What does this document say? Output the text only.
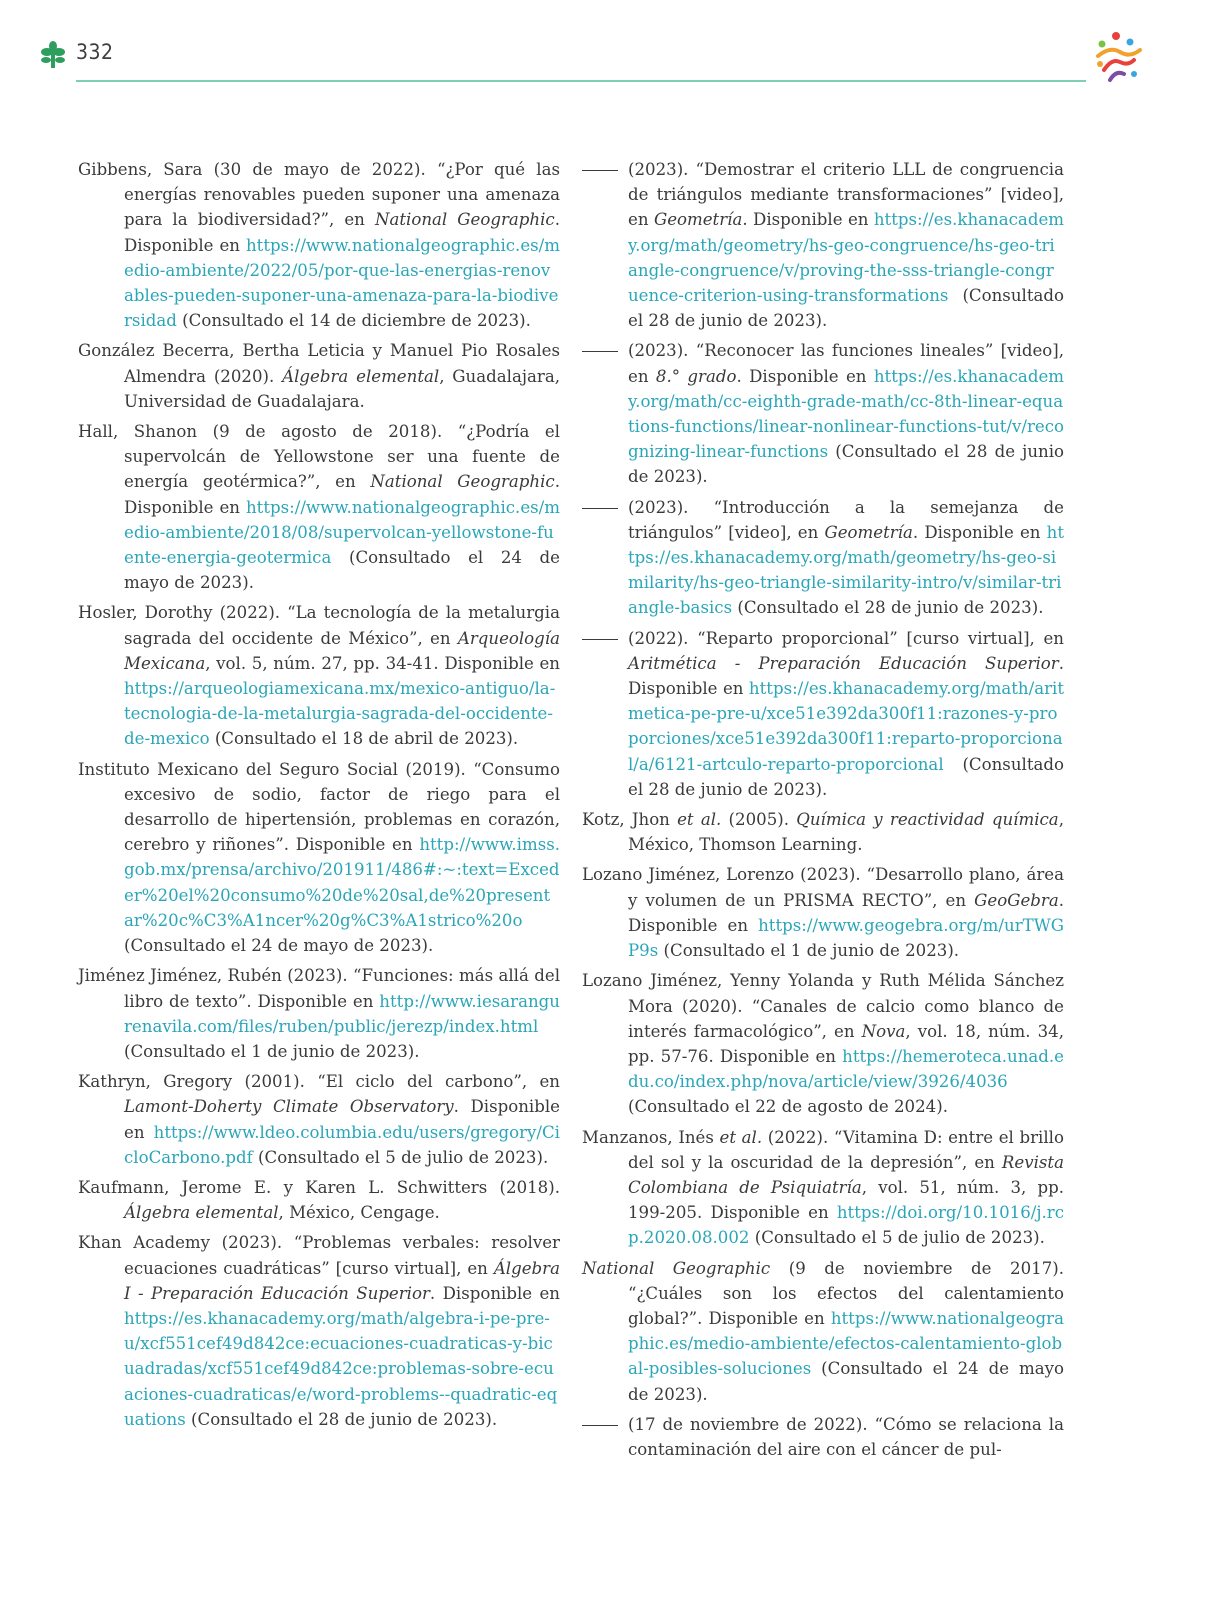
332

Gibbens, Sara (30 de mayo de 2022). “¿Por qué las energías renovables pueden suponer una amenaza para la biodiversidad?”, en National Geographic. Disponible en https://www.nationalgeographic.es/medio-ambiente/2022/05/por-que-las-energias-renovables-pueden-suponer-una-amenaza-para-la-biodiversidad (Consultado el 14 de diciembre de 2023).

González Becerra, Bertha Leticia y Manuel Pio Rosales Almendra (2020). Álgebra elemental, Guadalajara, Universidad de Guadalajara.

Hall, Shanon (9 de agosto de 2018). “¿Podría el supervolcán de Yellowstone ser una fuente de energía geotérmica?”, en National Geographic. Disponible en https://www.nationalgeographic.es/medio-ambiente/2018/08/supervolcan-yellowstone-fuente-energia-geotermica (Consultado el 24 de mayo de 2023).

Hosler, Dorothy (2022). “La tecnología de la metalurgia sagrada del occidente de México”, en Arqueología Mexicana, vol. 5, núm. 27, pp. 34-41. Disponible en https://arqueologiamexicana.mx/mexico-antiguo/la-tecnologia-de-la-metalurgia-sagrada-del-occidente-de-mexico (Consultado el 18 de abril de 2023).

Instituto Mexicano del Seguro Social (2019). “Consumo excesivo de sodio, factor de riego para el desarrollo de hipertensión, problemas en corazón, cerebro y riñones”. Disponible en http://www.imss.gob.mx/prensa/archivo/201911/486#:~:text=Exceder%20el%20consumo%20de%20sal,de%20presentar%20c%C3%A1ncer%20g%C3%A1strico%20o (Consultado el 24 de mayo de 2023).

Jiménez Jiménez, Rubén (2023). “Funciones: más allá del libro de texto”. Disponible en http://www.iesarangurenavila.com/files/ruben/public/jerezp/index.html (Consultado el 1 de junio de 2023).

Kathryn, Gregory (2001). “El ciclo del carbono”, en Lamont-Doherty Climate Observatory. Disponible en https://www.ldeo.columbia.edu/users/gregory/CicloCarbono.pdf (Consultado el 5 de julio de 2023).

Kaufmann, Jerome E. y Karen L. Schwitters (2018). Álgebra elemental, México, Cengage.

Khan Academy (2023). “Problemas verbales: resolver ecuaciones cuadráticas” [curso virtual], en Álgebra I - Preparación Educación Superior. Disponible en https://es.khanacademy.org/math/algebra-i-pe-pre-u/xcf551cef49d842ce:ecuaciones-cuadraticas-y-bicuadradas/xcf551cef49d842ce:problemas-sobre-ecuaciones-cuadraticas/e/word-problems--quadratic-equations (Consultado el 28 de junio de 2023).

(2023). “Demostrar el criterio LLL de congruencia de triángulos mediante transformaciones” [video], en Geometría. Disponible en https://es.khanacademy.org/math/geometry/hs-geo-congruence/hs-geo-triangle-congruence/v/proving-the-sss-triangle-congruence-criterion-using-transformations (Consultado el 28 de junio de 2023).

(2023). “Reconocer las funciones lineales” [video], en 8.° grado. Disponible en https://es.khanacademy.org/math/cc-eighth-grade-math/cc-8th-linear-equations-functions/linear-nonlinear-functions-tut/v/recognizing-linear-functions (Consultado el 28 de junio de 2023).

(2023). “Introducción a la semejanza de triángulos” [video], en Geometría. Disponible en https://es.khanacademy.org/math/geometry/hs-geo-similarity/hs-geo-triangle-similarity-intro/v/similar-triangle-basics (Consultado el 28 de junio de 2023).

(2022). “Reparto proporcional” [curso virtual], en Aritmética - Preparación Educación Superior. Disponible en https://es.khanacademy.org/math/aritmetica-pe-pre-u/xce51e392da300f11:razones-y-proporciones/xce51e392da300f11:reparto-proporcional/a/6121-artculo-reparto-proporcional (Consultado el 28 de junio de 2023).

Kotz, Jhon et al. (2005). Química y reactividad química, México, Thomson Learning.

Lozano Jiménez, Lorenzo (2023). “Desarrollo plano, área y volumen de un PRISMA RECTO”, en GeoGebra. Disponible en https://www.geogebra.org/m/urTWGP9s (Consultado el 1 de junio de 2023).

Lozano Jiménez, Yenny Yolanda y Ruth Mélida Sánchez Mora (2020). “Canales de calcio como blanco de interés farmacológico”, en Nova, vol. 18, núm. 34, pp. 57-76. Disponible en https://hemeroteca.unad.edu.co/index.php/nova/article/view/3926/4036 (Consultado el 22 de agosto de 2024).

Manzanos, Inés et al. (2022). “Vitamina D: entre el brillo del sol y la oscuridad de la depresión”, en Revista Colombiana de Psiquiatría, vol. 51, núm. 3, pp. 199-205. Disponible en https://doi.org/10.1016/j.rcp.2020.08.002 (Consultado el 5 de julio de 2023).

National Geographic (9 de noviembre de 2017). “¿Cuáles son los efectos del calentamiento global?”. Disponible en https://www.nationalgeographic.es/medio-ambiente/efectos-calentamiento-global-posibles-soluciones (Consultado el 24 de mayo de 2023).

(17 de noviembre de 2022). “Cómo se relaciona la contaminación del aire con el cáncer de pul-
